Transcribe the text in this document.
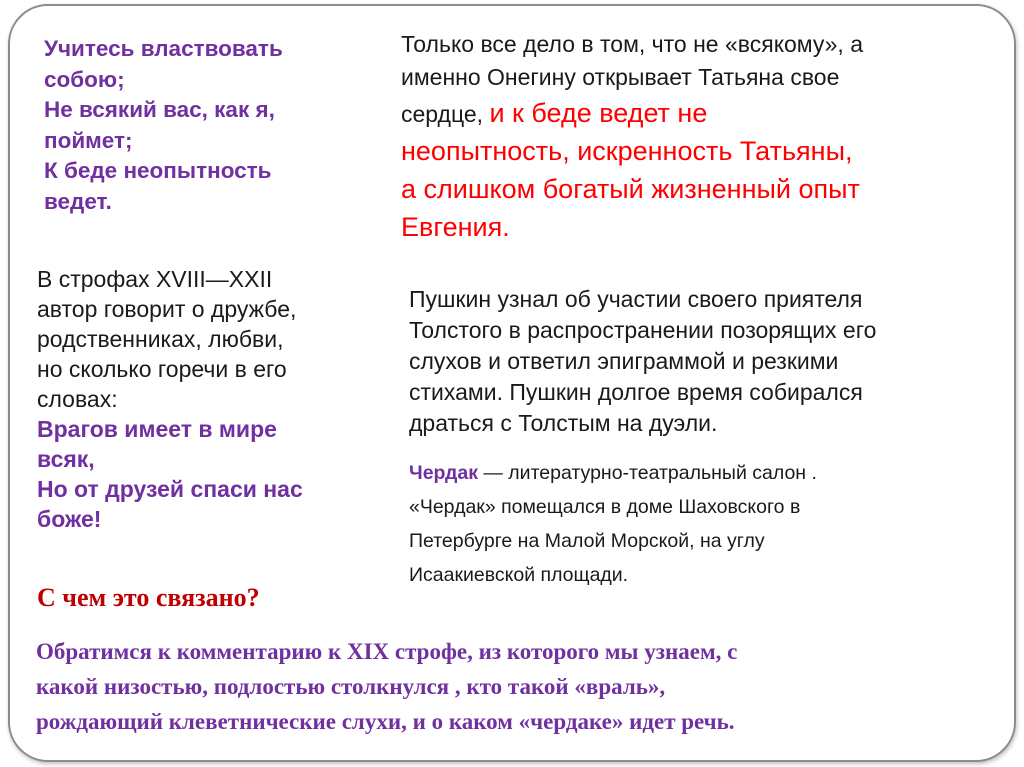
Учитесь властвовать
собою;
Не всякий вас, как я,
поймет;
К беде неопытность
ведет.
Только все дело в том, что не «всякому», а
именно Онегину открывает Татьяна свое
сердце, и к беде ведет не
неопытность, искренность Татьяны,
а слишком богатый жизненный опыт
Евгения.
В строфах XVIII—XXII
автор говорит о дружбе,
родственниках, любви,
но сколько горечи в его
словах:
Врагов имеет в мире
всяк,
Но от друзей спаси нас
боже!
С чем это связано?
Пушкин узнал об участии своего приятеля
Толстого в распространении позорящих его
слухов и ответил эпиграммой и резкими
стихами. Пушкин долгое время собирался
драться с Толстым на дуэли.
Чердак — литературно-театральный салон .
«Чердак» помещался в доме Шаховского в
Петербурге на Малой Морской, на углу
Исаакиевской площади.
Обратимся к комментарию к XIX строфе, из которого мы узнаем, с
какой низостью, подлостью столкнулся , кто такой «враль»,
рождающий клеветнические слухи, и о каком «чердаке» идет речь.
